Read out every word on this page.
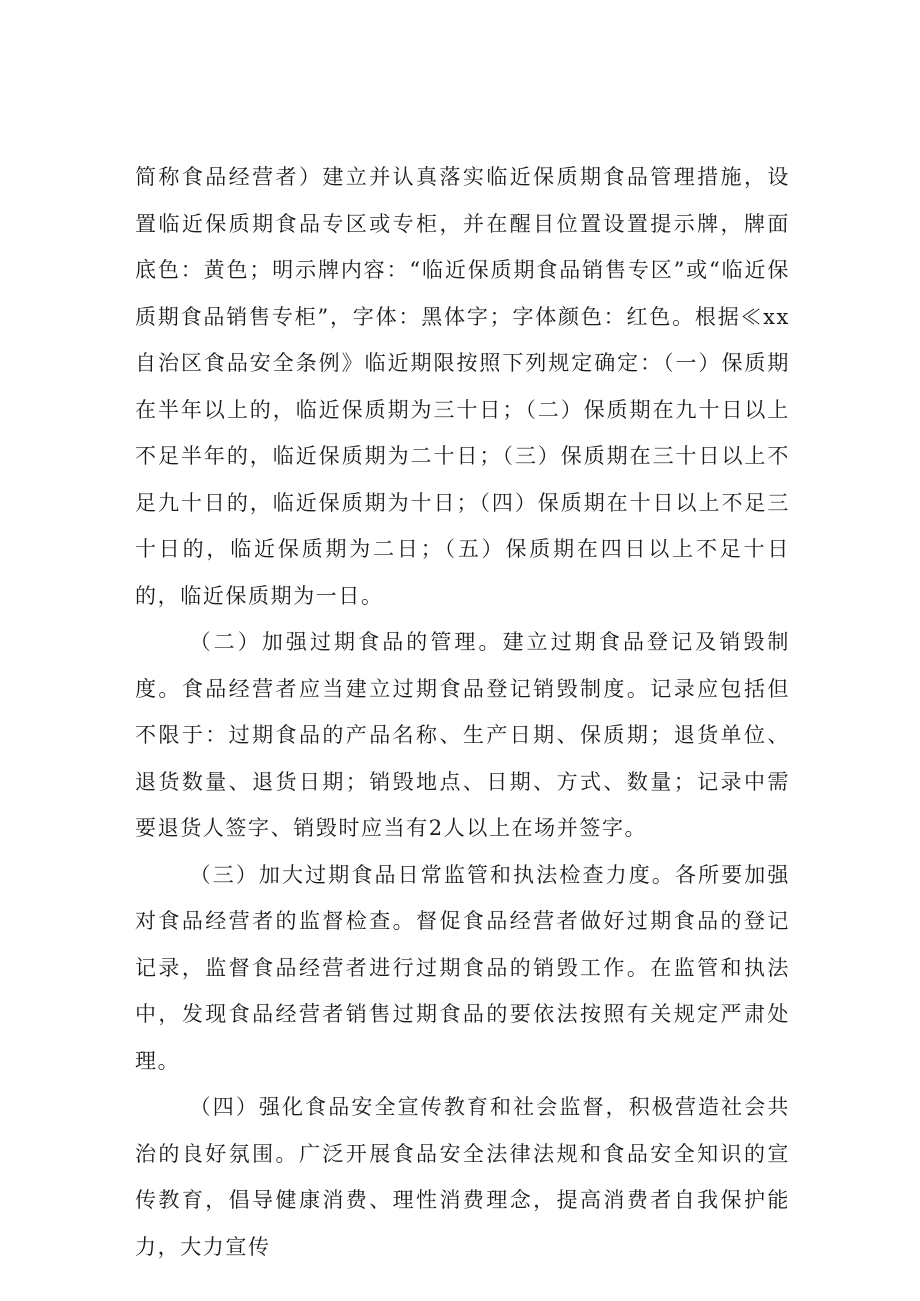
简称食品经营者）建立并认真落实临近保质期食品管理措施，设置临近保质期食品专区或专柜，并在醒目位置设置提示牌，牌面底色：黄色；明示牌内容：“临近保质期食品销售专区”或“临近保质期食品销售专柜”，字体：黑体字；字体颜色：红色。根据≪xx自治区食品安全条例》临近期限按照下列规定确定：（一）保质期在半年以上的，临近保质期为三十日；（二）保质期在九十日以上不足半年的，临近保质期为二十日；（三）保质期在三十日以上不足九十日的，临近保质期为十日；（四）保质期在十日以上不足三十日的，临近保质期为二日；（五）保质期在四日以上不足十日的，临近保质期为一日。

（二）加强过期食品的管理。建立过期食品登记及销毁制度。食品经营者应当建立过期食品登记销毁制度。记录应包括但不限于：过期食品的产品名称、生产日期、保质期；退货单位、退货数量、退货日期；销毁地点、日期、方式、数量；记录中需要退货人签字、销毁时应当有2人以上在场并签字。

（三）加大过期食品日常监管和执法检查力度。各所要加强对食品经营者的监督检查。督促食品经营者做好过期食品的登记记录，监督食品经营者进行过期食品的销毁工作。在监管和执法中，发现食品经营者销售过期食品的要依法按照有关规定严肃处理。

（四）强化食品安全宣传教育和社会监督，积极营造社会共治的良好氛围。广泛开展食品安全法律法规和食品安全知识的宣传教育，倡导健康消费、理性消费理念，提高消费者自我保护能力，大力宣传
